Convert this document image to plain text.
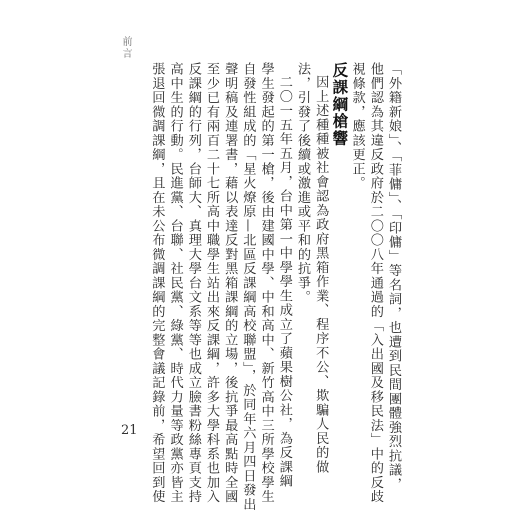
前言
「外籍新娘」、「菲傭」、「印傭」等名詞，也遭到民間團體強烈抗議，
他們認為其違反政府於二〇〇八年通過的「入出國及移民法」中的反歧
視條款，應該更正。
反課綱槍響
因上述種種被社會認為政府黑箱作業、程序不公、欺騙人民的做
法，引發了後續或激進或平和的抗爭。
二〇一五年五月，台中第一中學學生成立了蘋果樹公社，為反課綱
學生發起的第一槍，後由建國中學、中和高中、新竹高中三所學校學生
自發性組成的「星火燎原—北區反課綱高校聯盟」，於同年六月四日發出
聲明稿及連署書，藉以表達反對黑箱課綱的立場，後抗爭最高點時全國
至少已有兩百二十七所高中職學生站出來反課綱，許多大學科系也加入
反課綱的行列，台師大、真理大學台文系等等也成立臉書粉絲專頁支持
高中生的行動。民進黨、台聯、社民黨、綠黨、時代力量等政黨亦皆主
張退回微調課綱，且在未公布微調課綱的完整會議記錄前，希望回到使
21
